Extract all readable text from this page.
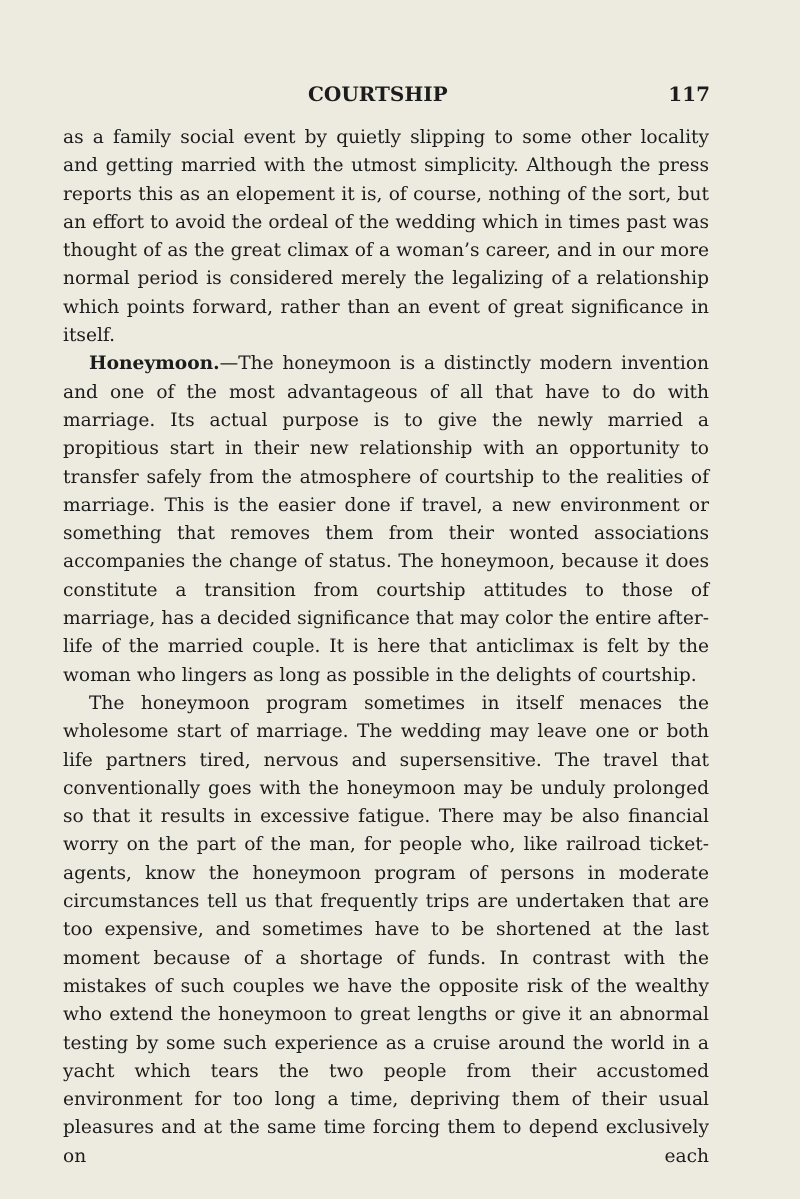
COURTSHIP	117

as a family social event by quietly slipping to some other locality and getting married with the utmost simplicity. Although the press reports this as an elopement it is, of course, nothing of the sort, but an effort to avoid the ordeal of the wedding which in times past was thought of as the great climax of a woman’s career, and in our more normal period is considered merely the legalizing of a relationship which points forward, rather than an event of great significance in itself.

Honeymoon.—The honeymoon is a distinctly modern invention and one of the most advantageous of all that have to do with marriage. Its actual purpose is to give the newly married a propitious start in their new relationship with an opportunity to transfer safely from the atmosphere of courtship to the realities of marriage. This is the easier done if travel, a new environment or something that removes them from their wonted associations accompanies the change of status. The honeymoon, because it does constitute a transition from courtship attitudes to those of marriage, has a decided significance that may color the entire after-life of the married couple. It is here that anticlimax is felt by the woman who lingers as long as possible in the delights of courtship.

The honeymoon program sometimes in itself menaces the wholesome start of marriage. The wedding may leave one or both life partners tired, nervous and supersensitive. The travel that conventionally goes with the honeymoon may be unduly prolonged so that it results in excessive fatigue. There may be also financial worry on the part of the man, for people who, like railroad ticket-agents, know the honeymoon program of persons in moderate circumstances tell us that frequently trips are undertaken that are too expensive, and sometimes have to be shortened at the last moment because of a shortage of funds. In contrast with the mistakes of such couples we have the opposite risk of the wealthy who extend the honeymoon to great lengths or give it an abnormal testing by some such experience as a cruise around the world in a yacht which tears the two people from their accustomed environment for too long a time, depriving them of their usual pleasures and at the same time forcing them to depend exclusively on each
